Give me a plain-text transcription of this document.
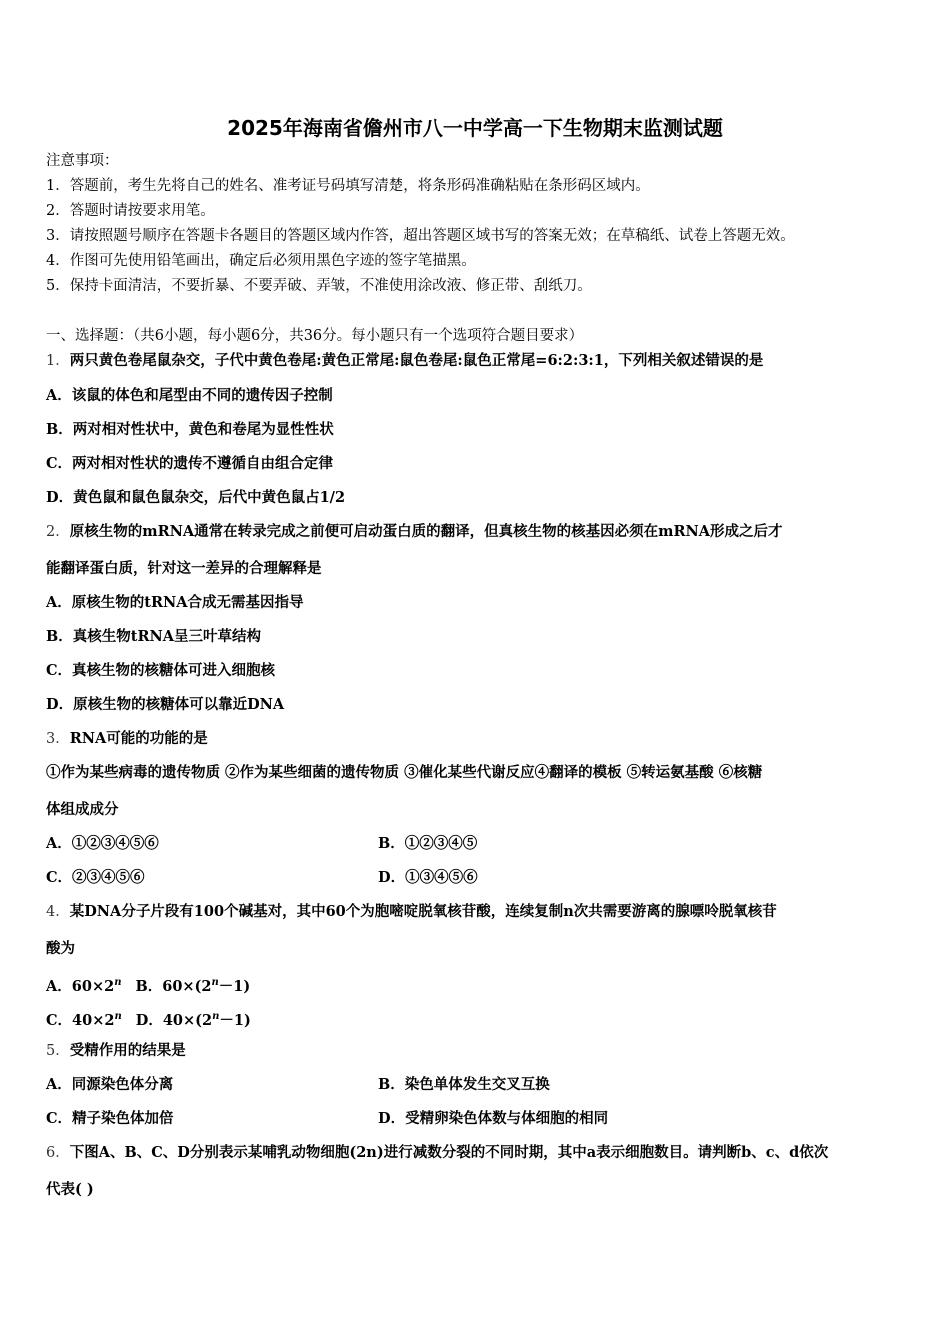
2025年海南省儋州市八一中学高一下生物期末监测试题
注意事项：
1．答题前，考生先将自己的姓名、准考证号码填写清楚，将条形码准确粘贴在条形码区域内。
2．答题时请按要求用笔。
3．请按照题号顺序在答题卡各题目的答题区域内作答，超出答题区域书写的答案无效；在草稿纸、试卷上答题无效。
4．作图可先使用铅笔画出，确定后必须用黑色字迹的签字笔描黑。
5．保持卡面清洁，不要折暴、不要弄破、弄皱，不准使用涂改液、修正带、刮纸刀。
一、选择题：（共6小题，每小题6分，共36分。每小题只有一个选项符合题目要求）
1．两只黄色卷尾鼠杂交，子代中黄色卷尾:黄色正常尾:鼠色卷尾:鼠色正常尾=6:2:3:1，下列相关叙述错误的是
A．该鼠的体色和尾型由不同的遗传因子控制
B．两对相对性状中，黄色和卷尾为显性性状
C．两对相对性状的遗传不遵循自由组合定律
D．黄色鼠和鼠色鼠杂交，后代中黄色鼠占1/2
2．原核生物的mRNA通常在转录完成之前便可启动蛋白质的翻译，但真核生物的核基因必须在mRNA形成之后才
能翻译蛋白质，针对这一差异的合理解释是
A．原核生物的tRNA合成无需基因指导
B．真核生物tRNA呈三叶草结构
C．真核生物的核糖体可进入细胞核
D．原核生物的核糖体可以靠近DNA
3．RNA可能的功能的是
①作为某些病毒的遗传物质 ②作为某些细菌的遗传物质 ③催化某些代谢反应④翻译的模板 ⑤转运氨基酸 ⑥核糖
体组成成分
A．①②③④⑤⑥	B．①②③④⑤
C．②③④⑤⑥	D．①③④⑤⑥
4．某DNA分子片段有100个碱基对，其中60个为胞嘧啶脱氧核苷酸，连续复制n次共需要游离的腺嘌呤脱氧核苷
酸为
A．$60\times 2^n$ B．$60\times(2^n-1)$
C．$40\times 2^n$ D．$40\times(2^n-1)$
5．受精作用的结果是
A．同源染色体分离	B．染色单体发生交叉互换
C．精子染色体加倍	D．受精卵染色体数与体细胞的相同
6．下图A、B、C、D分别表示某哺乳动物细胞(2n)进行减数分裂的不同时期，其中a表示细胞数目。请判断b、c、d依次
代表( )
